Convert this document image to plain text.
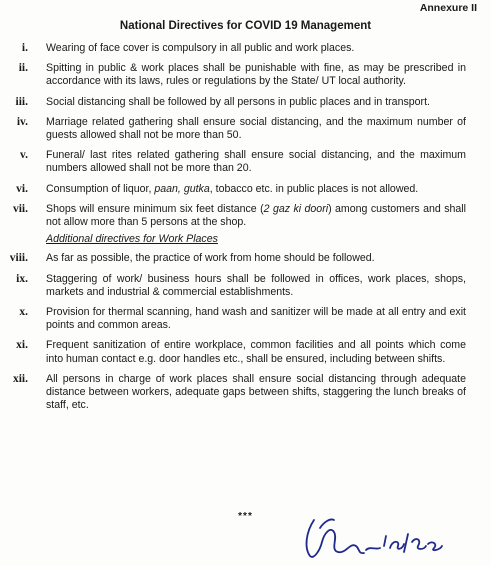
Annexure II
National Directives for COVID 19 Management
i.	Wearing of face cover is compulsory in all public and work places.
ii.	Spitting in public & work places shall be punishable with fine, as may be prescribed in accordance with its laws, rules or regulations by the State/ UT local authority.
iii.	Social distancing shall be followed by all persons in public places and in transport.
iv.	Marriage related gathering shall ensure social distancing, and the maximum number of guests allowed shall not be more than 50.
v.	Funeral/ last rites related gathering shall ensure social distancing, and the maximum numbers allowed shall not be more than 20.
vi.	Consumption of liquor, paan, gutka, tobacco etc. in public places is not allowed.
vii.	Shops will ensure minimum six feet distance (2 gaz ki doori) among customers and shall not allow more than 5 persons at the shop.
Additional directives for Work Places
viii.	As far as possible, the practice of work from home should be followed.
ix.	Staggering of work/ business hours shall be followed in offices, work places, shops, markets and industrial & commercial establishments.
x.	Provision for thermal scanning, hand wash and sanitizer will be made at all entry and exit points and common areas.
xi.	Frequent sanitization of entire workplace, common facilities and all points which come into human contact e.g. door handles etc., shall be ensured, including between shifts.
xii.	All persons in charge of work places shall ensure social distancing through adequate distance between workers, adequate gaps between shifts, staggering the lunch breaks of staff, etc.
***
